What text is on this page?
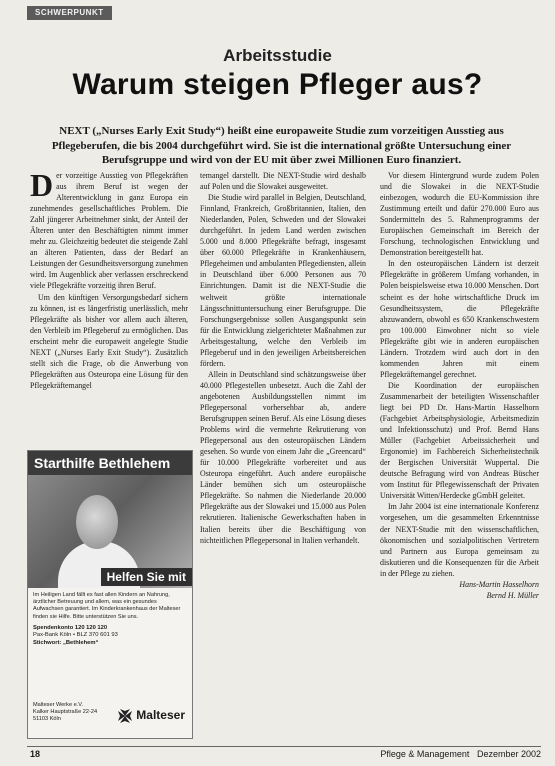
SCHWERPUNKT
Arbeitsstudie
Warum steigen Pfleger aus?
NEXT („Nurses Early Exit Study“) heißt eine europaweite Studie zum vorzeitigen Ausstieg aus Pflegeberufen, die bis 2004 durchgeführt wird. Sie ist die international größte Untersuchung einer Berufsgruppe und wird von der EU mit über zwei Millionen Euro finanziert.

Der vorzeitige Ausstieg von Pflegekräften aus ihrem Beruf ist wegen der Alterentwicklung in ganz Europa ein zunehmendes gesellschaftliches Problem. Die Zahl jüngerer Arbeitnehmer sinkt, der Anteil der Älteren unter den Beschäftigten nimmt immer mehr zu. Gleichzeitig bedeutet die steigende Zahl an älteren Patienten, dass der Bedarf an Leistungen der Gesundheitsversorgung zunehmen wird. Im Augenblick aber verlassen erschreckend viele Pflegekräfte vorzeitig ihren Beruf.

Um den künftigen Versorgungsbedarf sichern zu können, ist es längerfristig unerlässlich, mehr Pflegekräfte als bisher vor allem auch älteren, den Verbleib im Pflegeberuf zu ermöglichen. Das erscheint mehr die europaweit angelegte Studie NEXT („Nurses Early Exit Study“). Zusätzlich stellt sich die Frage, ob die Anwerbung von Pflegekräften aus Osteuropa eine Lösung für den Pflegekräftemangel

temangel darstellt. Die NEXT-Studie wird deshalb auf Polen und die Slowakei ausgeweitet.

Die Studie wird parallel in Belgien, Deutschland, Finnland, Frankreich, Großbritannien, Italien, den Niederlanden, Polen, Schweden und der Slowakei durchgeführt. In jedem Land werden zwischen 5.000 und 8.000 Pflegekräfte befragt, insgesamt über 60.000 Pflegekräfte in Krankenhäusern, Pflegeheimen und ambulanten Pflegediensten, allein in Deutschland über 6.000 Personen aus 70 Einrichtungen. Damit ist die NEXT-Studie die weltweit größte internationale Längsschnittuntersuchung einer Berufsgruppe. Die Forschungsergebnisse sollen Ausgangspunkt sein für die Entwicklung zielgerichteter Maßnahmen zur Arbeitsgestaltung, welche den Verbleib im Pflegeberuf und in den jeweiligen Arbeitsbereichen fördern.

Allein in Deutschland sind schätzungsweise über 40.000 Pflegestellen unbesetzt. Auch die Zahl der angebotenen Ausbildungsstellen nimmt im Pflegepersonal vorhersehbar ab, andere Berufsgruppen seinen Beruf. Als eine Lösung dieses Problems wird die vermehrte Rekrutierung von Pflegepersonal aus den osteuropäischen Ländern gesehen. So wurde von einem Jahr die „Greencard“ für 10.000 Pflegekräfte vorbereitet und aus Osteuropa eingeführt. Auch andere europäische Länder bemühen sich um osteuropäische Pflegekräfte. So nahmen die Niederlande 20.000 Pflegekräfte aus der Slowakei und 15.000 aus Polen rekrutieren. Italienische Gewerkschaften haben in Italien bereits über die Beschäftigung von nichteitlichen Pflegepersonal in Italien verhandelt.

Vor diesem Hintergrund wurde zudem Polen und die Slowakei in die NEXT-Studie einbezogen, wodurch die EU-Kommission ihre Zustimmung erteilt und dafür 270.000 Euro aus Sondermitteln des 5. Rahmenprogramms der Europäischen Gemeinschaft im Bereich der Forschung, technologischen Entwicklung und Demonstration bereitgestellt hat.

In den osteuropäischen Ländern ist derzeit Pflegekräfte in größerem Umfang vorhanden, in Polen beispielsweise etwa 10.000 Menschen. Dort scheint es der hohe wirtschaftliche Druck im Gesundheitssystem, die Pflegekräfte abzuwandern, obwohl es 650 Krankenschwestern pro 100.000 Einwohner nicht so viele Pflegekräfte gibt wie in anderen europäischen Ländern. Trotzdem wird auch dort in den kommenden Jahren mit einem Pflegekräftemangel gerechnet.

Die Koordination der europäischen Zusammenarbeit der beteiligten Wissenschaftler liegt bei PD Dr. Hans-Martin Hasselhorn (Fachgebiet Arbeitsphysiologie, Arbeitsmedizin und Infektionsschutz) und Prof. Bernd Hans Müller (Fachgebiet Arbeitssicherheit und Ergonomie) im Fachbereich Sicherheitstechnik der Bergischen Universität Wuppertal. Die deutsche Befragung wird von Andreas Büscher vom Institut für Pflegewissenschaft der Privaten Universität Witten/Herdecke gGmbH geleitet.

Im Jahr 2004 ist eine internationale Konferenz vorgesehen, um die gesammelten Erkenntnisse der NEXT-Studie mit den wissenschaftlichen, ökonomischen und sozialpolitischen Vertretern und Partnern aus Europa gemeinsam zu diskutieren und die Konsequenzen für die Arbeit in der Pflege zu ziehen.

Hans-Martin Hasselhorn

Bernd H. Müller

Starthilfe Bethlehem
Helfen Sie mit
Im Heiligen Land fällt es fast allen Kindern an Nahrung, ärztlicher Betreuung und allem, was ein gesundes Aufwachsen garantiert. Im Kinderkrankenhaus der Malteser finden sie Hilfe. Bitte unterstützen Sie uns.
Spendenkonto 120 120 120
Pax-Bank Köln • BLZ 370 601 93
Stichwort: „Bethlehem“
Malteser Werke e.V.
Kalker Hauptstraße 22-24
51103 Köln	Malteser
18	Pflege & Management Dezember 2002
